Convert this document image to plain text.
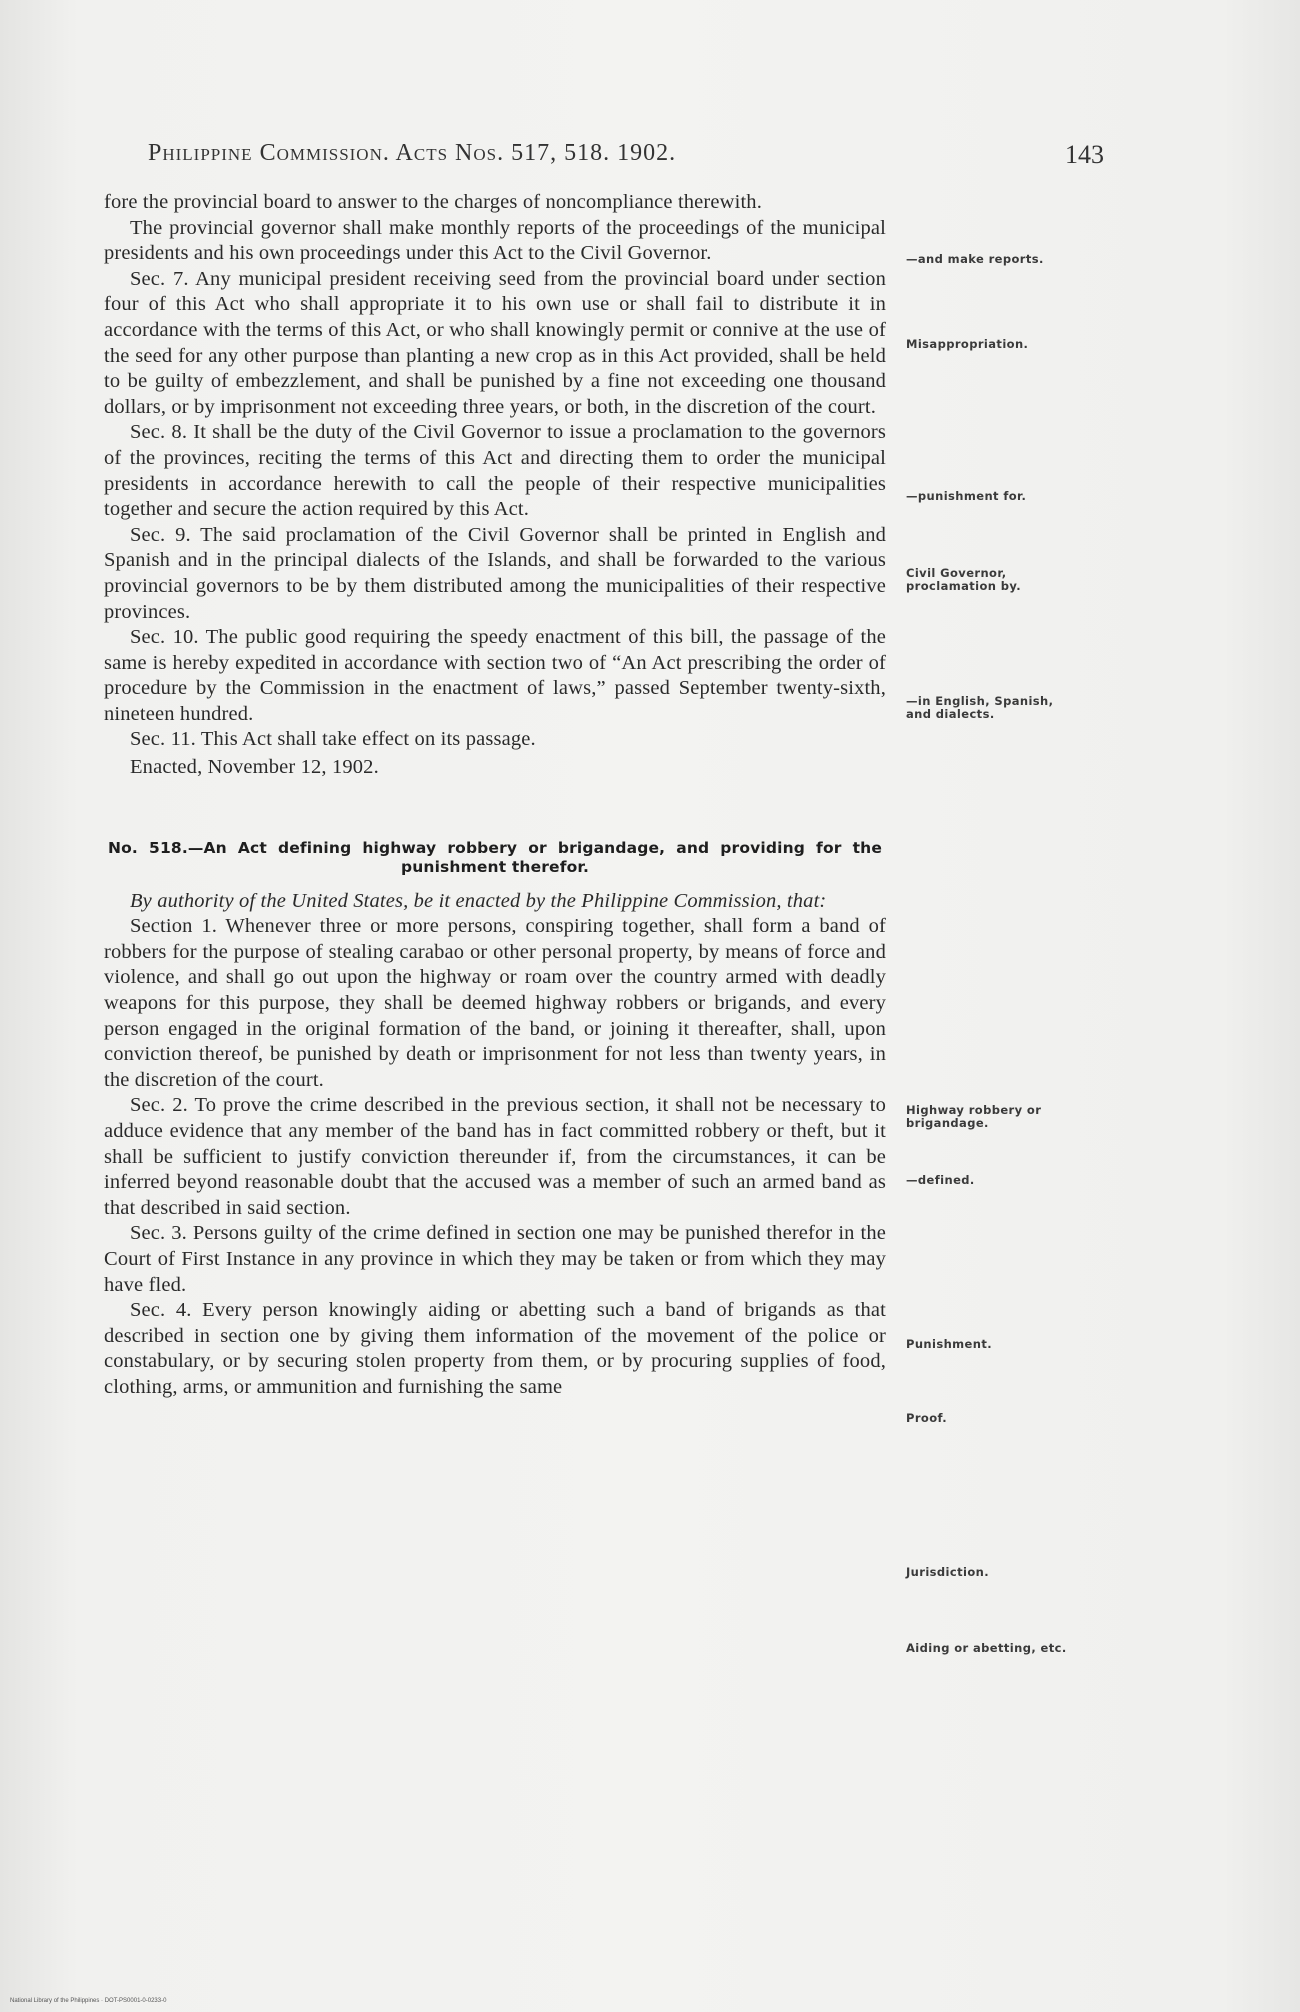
Philippine Commission. Acts Nos. 517, 518. 1902.	143

fore the provincial board to answer to the charges of noncompliance therewith.

The provincial governor shall make monthly reports of the proceedings of the municipal presidents and his own proceedings under this Act to the Civil Governor.

Sec. 7. Any municipal president receiving seed from the provincial board under section four of this Act who shall appropriate it to his own use or shall fail to distribute it in accordance with the terms of this Act, or who shall knowingly permit or connive at the use of the seed for any other purpose than planting a new crop as in this Act provided, shall be held to be guilty of embezzlement, and shall be punished by a fine not exceeding one thousand dollars, or by imprisonment not exceeding three years, or both, in the discretion of the court.

Sec. 8. It shall be the duty of the Civil Governor to issue a proclamation to the governors of the provinces, reciting the terms of this Act and directing them to order the municipal presidents in accordance herewith to call the people of their respective municipalities together and secure the action required by this Act.

Sec. 9. The said proclamation of the Civil Governor shall be printed in English and Spanish and in the principal dialects of the Islands, and shall be forwarded to the various provincial governors to be by them distributed among the municipalities of their respective provinces.

Sec. 10. The public good requiring the speedy enactment of this bill, the passage of the same is hereby expedited in accordance with section two of “An Act prescribing the order of procedure by the Commission in the enactment of laws,” passed September twenty-sixth, nineteen hundred.

Sec. 11. This Act shall take effect on its passage.

Enacted, November 12, 1902.

No. 518.—An Act defining highway robbery or brigandage, and providing for the
punishment therefor.

By authority of the United States, be it enacted by the Philippine Commission, that:

Section 1. Whenever three or more persons, conspiring together, shall form a band of robbers for the purpose of stealing carabao or other personal property, by means of force and violence, and shall go out upon the highway or roam over the country armed with deadly weapons for this purpose, they shall be deemed highway robbers or brigands, and every person engaged in the original formation of the band, or joining it thereafter, shall, upon conviction thereof, be punished by death or imprisonment for not less than twenty years, in the discretion of the court.

Sec. 2. To prove the crime described in the previous section, it shall not be necessary to adduce evidence that any member of the band has in fact committed robbery or theft, but it shall be sufficient to justify conviction thereunder if, from the circumstances, it can be inferred beyond reasonable doubt that the accused was a member of such an armed band as that described in said section.

Sec. 3. Persons guilty of the crime defined in section one may be punished therefor in the Court of First Instance in any province in which they may be taken or from which they may have fled.

Sec. 4. Every person knowingly aiding or abetting such a band of brigands as that described in section one by giving them information of the movement of the police or constabulary, or by securing stolen property from them, or by procuring supplies of food, clothing, arms, or ammunition and furnishing the same

—and make reports.
Misappropriation.
—punishment for.
Civil Governor, proclamation by.
—in English, Spanish, and dialects.
Highway robbery or brigandage.
—defined.
Punishment.
Proof.
Jurisdiction.
Aiding or abetting, etc.
National Library of the Philippines · DOT-PS0001-0-0233-0
